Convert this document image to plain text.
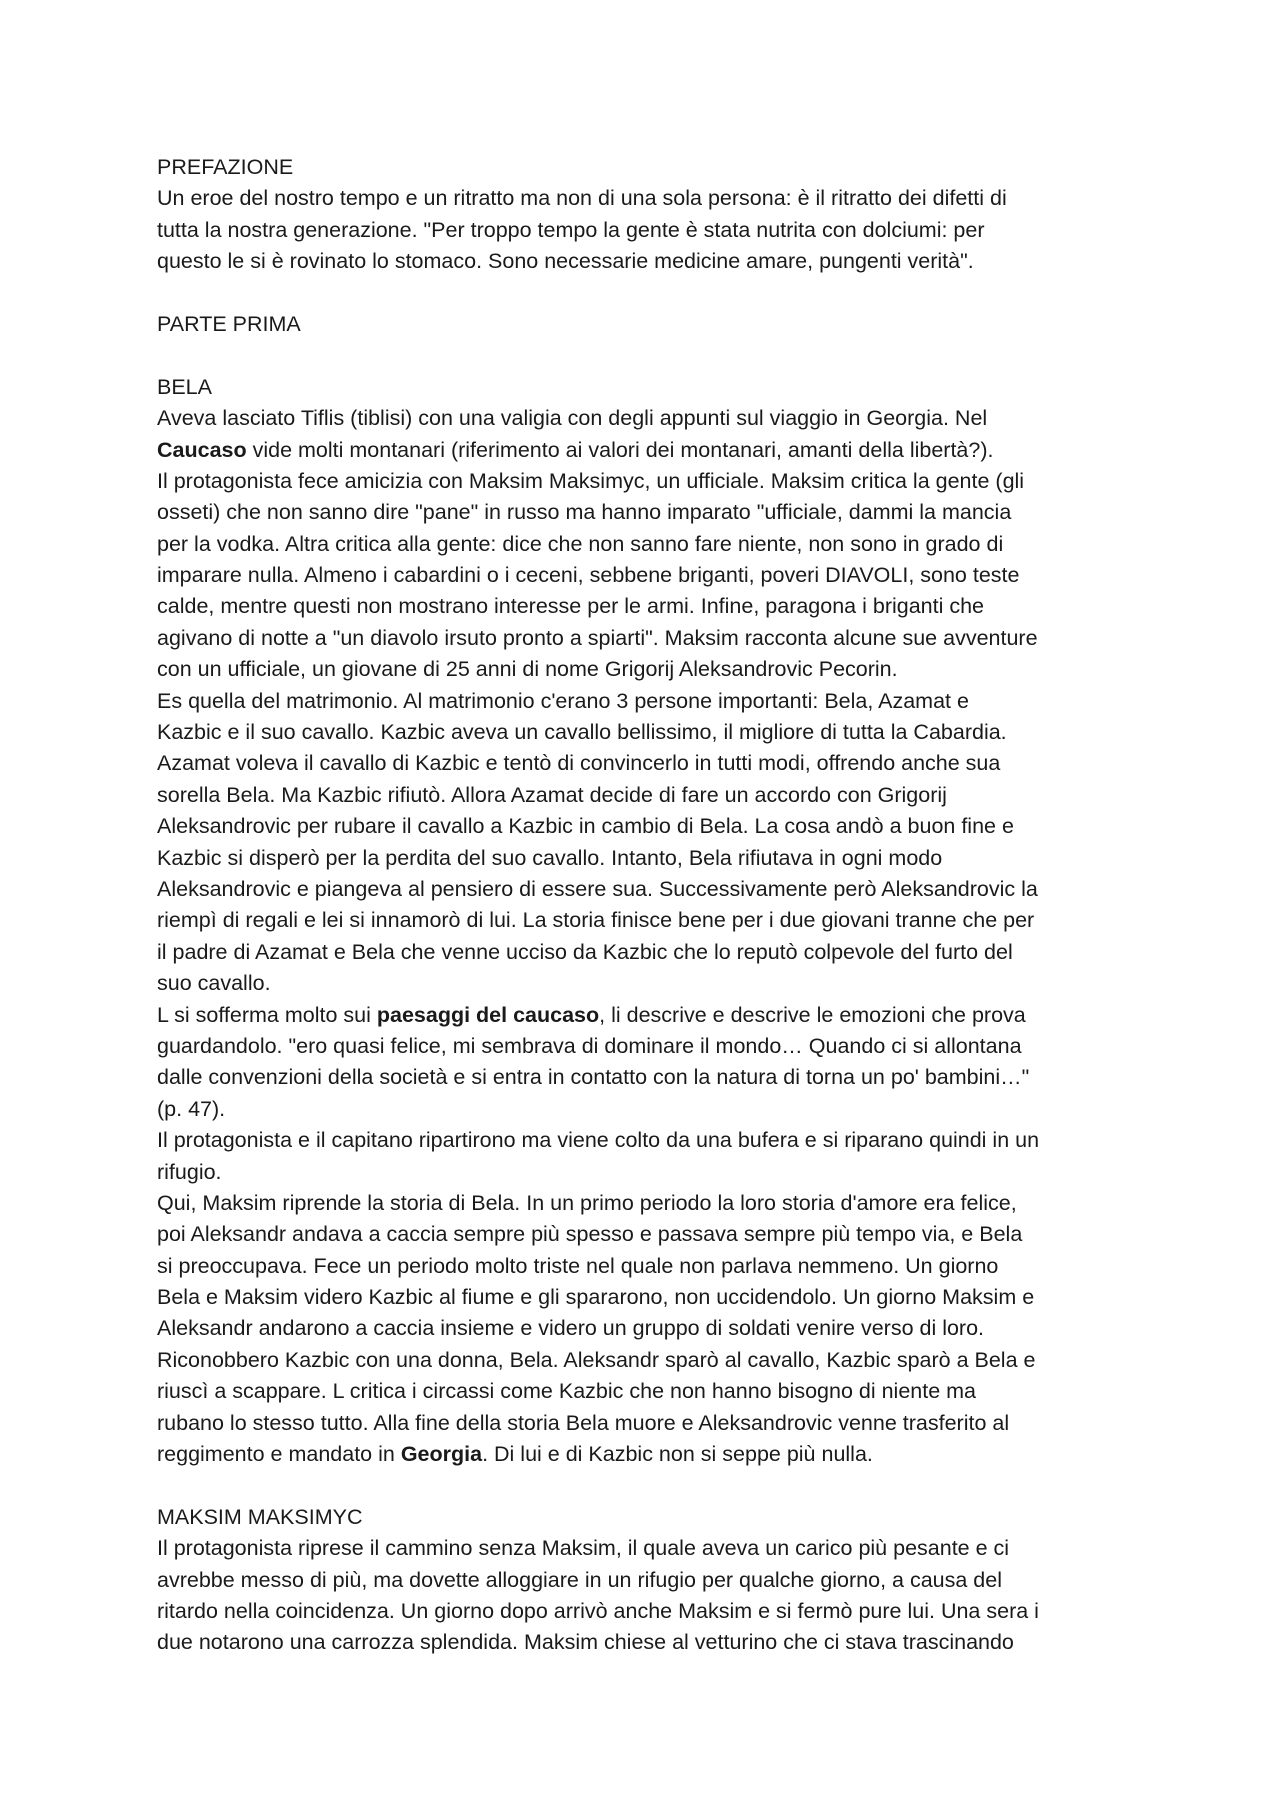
PREFAZIONE
Un eroe del nostro tempo e un ritratto ma non di una sola persona: è il ritratto dei difetti di
tutta la nostra generazione. "Per troppo tempo la gente è stata nutrita con dolciumi: per
questo le si è rovinato lo stomaco. Sono necessarie medicine amare, pungenti verità".
PARTE PRIMA
BELA
Aveva lasciato Tiflis (tiblisi) con una valigia con degli appunti sul viaggio in Georgia. Nel
Caucaso vide molti montanari (riferimento ai valori dei montanari, amanti della libertà?).
Il protagonista fece amicizia con Maksim Maksimyc, un ufficiale. Maksim critica la gente (gli
osseti) che non sanno dire "pane" in russo ma hanno imparato "ufficiale, dammi la mancia
per la vodka. Altra critica alla gente: dice che non sanno fare niente, non sono in grado di
imparare nulla. Almeno i cabardini o i ceceni, sebbene briganti, poveri DIAVOLI, sono teste
calde, mentre questi non mostrano interesse per le armi. Infine, paragona i briganti che
agivano di notte a "un diavolo irsuto pronto a spiarti". Maksim racconta alcune sue avventure
con un ufficiale, un giovane di 25 anni di nome Grigorij Aleksandrovic Pecorin.
Es quella del matrimonio. Al matrimonio c'erano 3 persone importanti: Bela, Azamat e
Kazbic e il suo cavallo. Kazbic aveva un cavallo bellissimo, il migliore di tutta la Cabardia.
Azamat voleva il cavallo di Kazbic e tentò di convincerlo in tutti modi, offrendo anche sua
sorella Bela. Ma Kazbic rifiutò. Allora Azamat decide di fare un accordo con Grigorij
Aleksandrovic per rubare il cavallo a Kazbic in cambio di Bela. La cosa andò a buon fine e
Kazbic si disperò per la perdita del suo cavallo. Intanto, Bela rifiutava in ogni modo
Aleksandrovic e piangeva al pensiero di essere sua. Successivamente però Aleksandrovic la
riempì di regali e lei si innamorò di lui. La storia finisce bene per i due giovani tranne che per
il padre di Azamat e Bela che venne ucciso da Kazbic che lo reputò colpevole del furto del
suo cavallo.
L si sofferma molto sui paesaggi del caucaso, li descrive e descrive le emozioni che prova
guardandolo. "ero quasi felice, mi sembrava di dominare il mondo… Quando ci si allontana
dalle convenzioni della società e si entra in contatto con la natura di torna un po' bambini…"
(p. 47).
Il protagonista e il capitano ripartirono ma viene colto da una bufera e si riparano quindi in un
rifugio.
Qui, Maksim riprende la storia di Bela. In un primo periodo la loro storia d'amore era felice,
poi Aleksandr andava a caccia sempre più spesso e passava sempre più tempo via, e Bela
si preoccupava. Fece un periodo molto triste nel quale non parlava nemmeno. Un giorno
Bela e Maksim videro Kazbic al fiume e gli spararono, non uccidendolo. Un giorno Maksim e
Aleksandr andarono a caccia insieme e videro un gruppo di soldati venire verso di loro.
Riconobbero Kazbic con una donna, Bela. Aleksandr sparò al cavallo, Kazbic sparò a Bela e
riuscì a scappare. L critica i circassi come Kazbic che non hanno bisogno di niente ma
rubano lo stesso tutto. Alla fine della storia Bela muore e Aleksandrovic venne trasferito al
reggimento e mandato in Georgia. Di lui e di Kazbic non si seppe più nulla.
MAKSIM MAKSIMYC
Il protagonista riprese il cammino senza Maksim, il quale aveva un carico più pesante e ci
avrebbe messo di più, ma dovette alloggiare in un rifugio per qualche giorno, a causa del
ritardo nella coincidenza. Un giorno dopo arrivò anche Maksim e si fermò pure lui. Una sera i
due notarono una carrozza splendida. Maksim chiese al vetturino che ci stava trascinando
